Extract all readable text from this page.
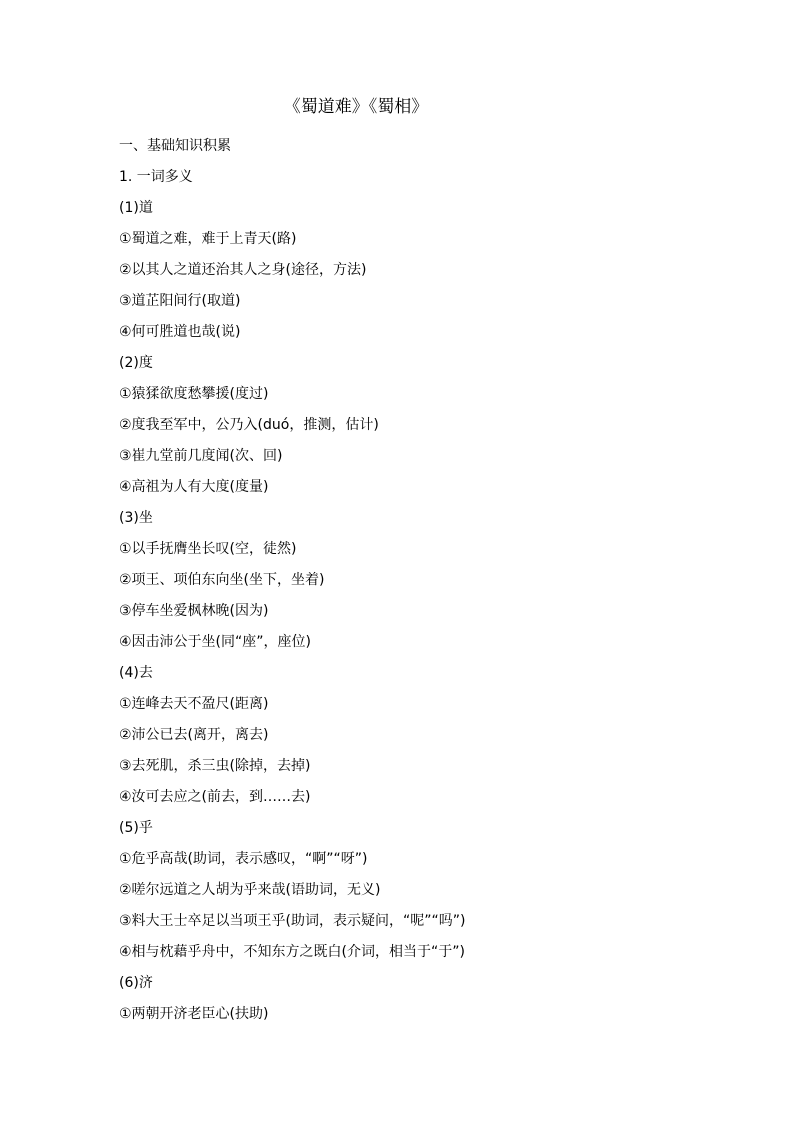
《蜀道难》《蜀相》
一、基础知识积累
1. 一词多义
(1)道
①蜀道之难，难于上青天(路)
②以其人之道还治其人之身(途径，方法)
③道芷阳间行(取道)
④何可胜道也哉(说)
(2)度
①猿猱欲度愁攀援(度过)
②度我至军中，公乃入(duó，推测，估计)
③崔九堂前几度闻(次、回)
④高祖为人有大度(度量)
(3)坐
①以手抚膺坐长叹(空，徒然)
②项王、项伯东向坐(坐下，坐着)
③停车坐爱枫林晚(因为)
④因击沛公于坐(同“座”，座位)
(4)去
①连峰去天不盈尺(距离)
②沛公已去(离开，离去)
③去死肌，杀三虫(除掉，去掉)
④汝可去应之(前去，到……去)
(5)乎
①危乎高哉(助词，表示感叹，“啊”“呀”)
②嗟尔远道之人胡为乎来哉(语助词，无义)
③料大王士卒足以当项王乎(助词，表示疑问，“呢”“吗”)
④相与枕藉乎舟中，不知东方之既白(介词，相当于“于”)
(6)济
①两朝开济老臣心(扶助)
